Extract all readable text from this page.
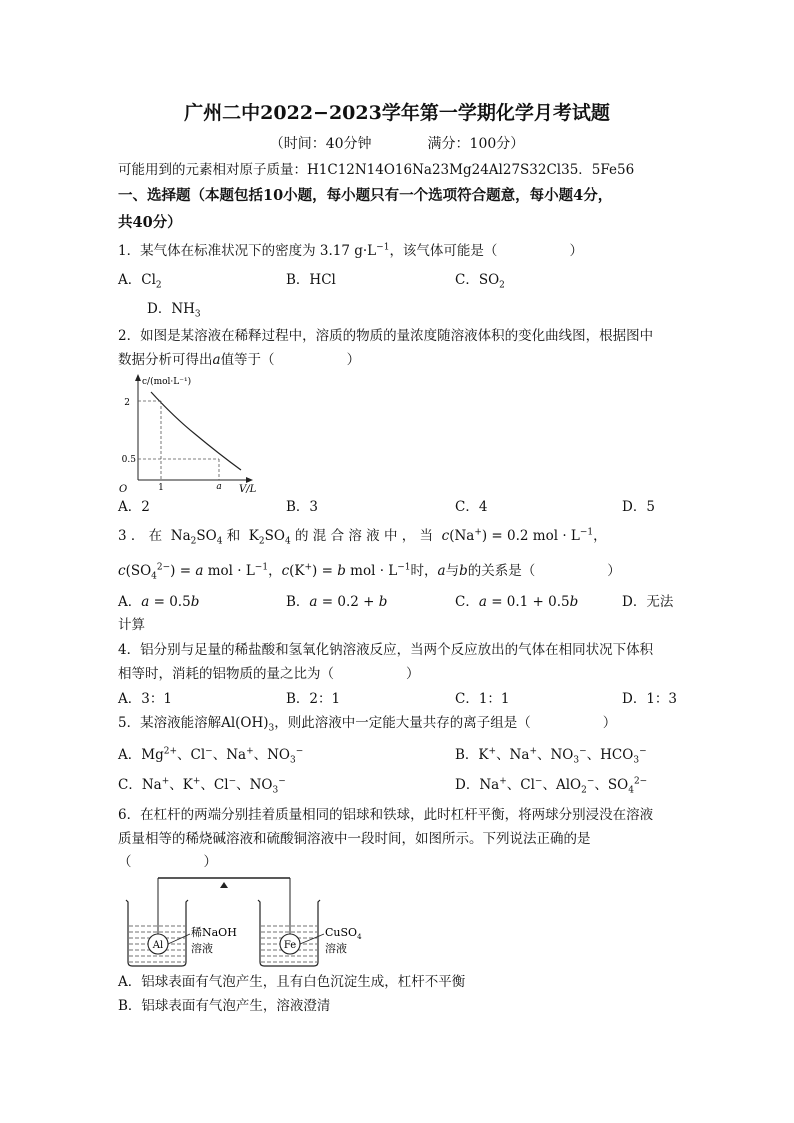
广州二中2022−2023学年第一学期化学月考试题
（时间：40分钟	满分：100分）
可能用到的元素相对原子质量：H1C12N14O16Na23Mg24Al27S32Cl35．5Fe56
一、选择题（本题包括10小题，每小题只有一个选项符合题意，每小题4分，
共40分）
1．某气体在标准状况下的密度为 3.17 $g\cdot L^{-1}$，该气体可能是（	）
A．$Cl_2$	B．HCl	C．$SO_2$
D．$NH_3$
2．如图是某溶液在稀释过程中，溶质的物质的量浓度随溶液体积的变化曲线图，根据图中
数据分析可得出a值等于（	）
c/(mol·L⁻¹)
2
0.5
1	a
O	V/L
A．2	B．3	C．4	D．5
3 ． 在  $Na_2SO_4$ 和  $K_2SO_4$ 的 混 合 溶 液 中 ， 当 c(Na+) = 0.2 mol · $L^{-1}$，
$c(SO_4^{2-}) = a$ mol · $L^{-1}$，c(K+) = b mol · $L^{-1}$时，a与b的关系是（	）
A．a = 0.5b	B．a = 0.2 + b	C．a = 0.1 + 0.5b	D．无法
计算
4．铝分别与足量的稀盐酸和氢氧化钠溶液反应，当两个反应放出的气体在相同状况下体积
相等时，消耗的铝物质的量之比为（	）
A．3：1	B．2：1	C．1：1	D．1：3
5．某溶液能溶解$Al(OH)_3$，则此溶液中一定能大量共存的离子组是（	）
A．$Mg^{2+}$、Cl−、Na+、$NO_3^-$	B．K+、Na+、$NO_3^-$、$HCO_3^-$
C．Na+、K+、Cl−、$NO_3^-$	D．Na+、Cl−、AlO$_2$−、$SO_4^{2-}$
6．在杠杆的两端分别挂着质量相同的铝球和铁球，此时杠杆平衡，将两球分别浸没在溶液
质量相等的稀烧碱溶液和硫酸铜溶液中一段时间，如图所示。下列说法正确的是
（	）
Al
稀NaOH
溶液	Fe
CuSO$_4$
溶液
A．铝球表面有气泡产生，且有白色沉淀生成，杠杆不平衡
B．铝球表面有气泡产生，溶液澄清
